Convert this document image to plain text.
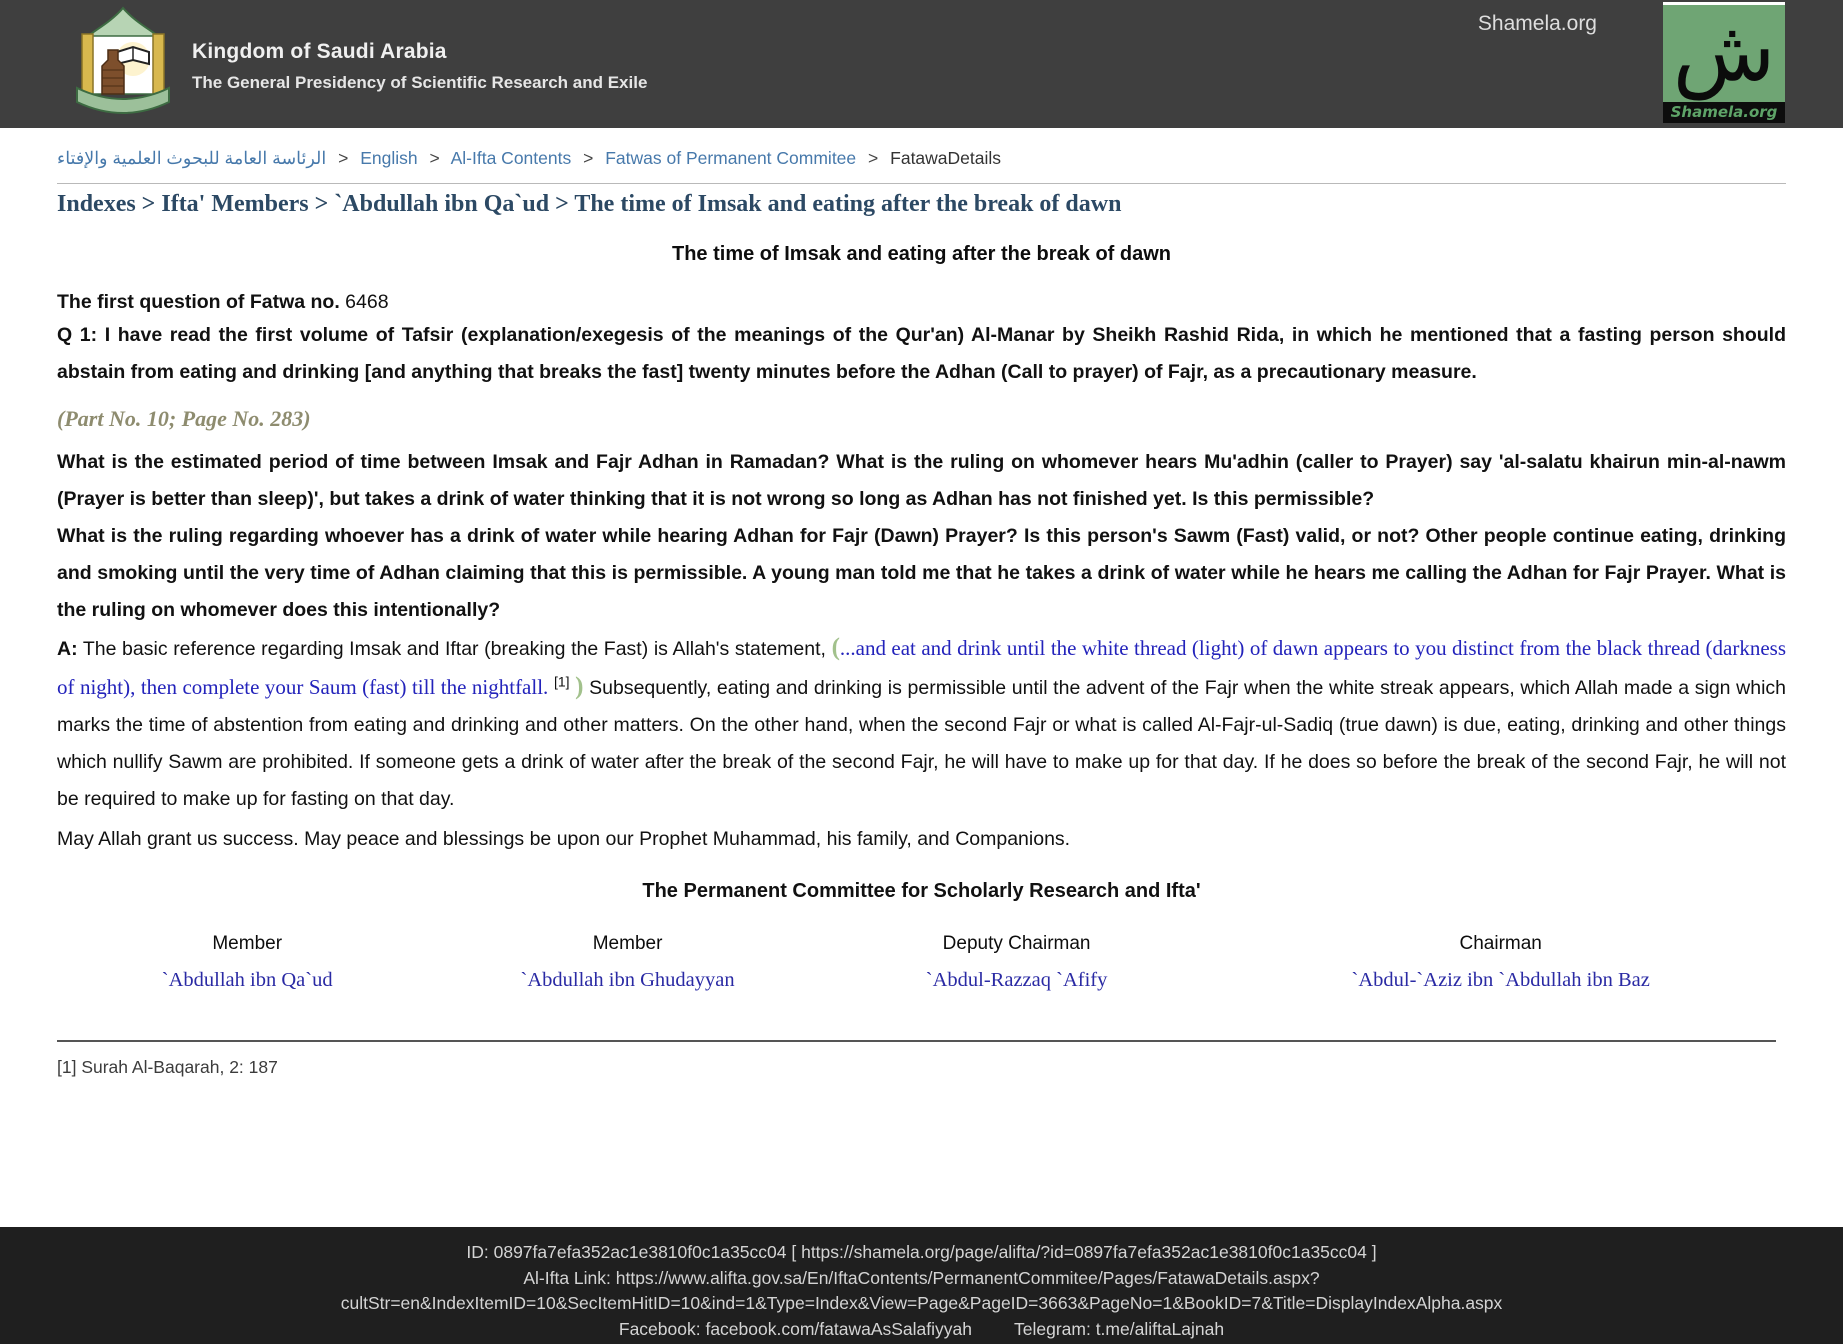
Kingdom of Saudi Arabia
The General Presidency of Scientific Research and Exile
Shamela.org ش
Shamela.org
الرئاسة العامة للبحوث العلمية والإفتاء > English > Al-Ifta Contents > Fatwas of Permanent Commitee > FatawaDetails
Indexes > Ifta' Members > `Abdullah ibn Qa`ud > The time of Imsak and eating after the break of dawn
The time of Imsak and eating after the break of dawn

The first question of Fatwa no. 6468

Q 1: I have read the first volume of Tafsir (explanation/exegesis of the meanings of the Qur'an) Al-Manar by Sheikh Rashid Rida, in which he mentioned that a fasting person should abstain from eating and drinking [and anything that breaks the fast] twenty minutes before the Adhan (Call to prayer) of Fajr, as a precautionary measure.

(Part No. 10; Page No. 283)

What is the estimated period of time between Imsak and Fajr Adhan in Ramadan? What is the ruling on whomever hears Mu'adhin (caller to Prayer) say 'al-salatu khairun min-al-nawm (Prayer is better than sleep)', but takes a drink of water thinking that it is not wrong so long as Adhan has not finished yet. Is this permissible?

What is the ruling regarding whoever has a drink of water while hearing Adhan for Fajr (Dawn) Prayer? Is this person's Sawm (Fast) valid, or not? Other people continue eating, drinking and smoking until the very time of Adhan claiming that this is permissible. A young man told me that he takes a drink of water while he hears me calling the Adhan for Fajr Prayer. What is the ruling on whomever does this intentionally?

A: The basic reference regarding Imsak and Iftar (breaking the Fast) is Allah's statement, (...and eat and drink until the white thread (light) of dawn appears to you distinct from the black thread (darkness of night), then complete your Saum (fast) till the nightfall. [1] ) Subsequently, eating and drinking is permissible until the advent of the Fajr when the white streak appears, which Allah made a sign which marks the time of abstention from eating and drinking and other matters. On the other hand, when the second Fajr or what is called Al-Fajr-ul-Sadiq (true dawn) is due, eating, drinking and other things which nullify Sawm are prohibited. If someone gets a drink of water after the break of the second Fajr, he will have to make up for that day. If he does so before the break of the second Fajr, he will not be required to make up for fasting on that day.

May Allah grant us success. May peace and blessings be upon our Prophet Muhammad, his family, and Companions.

The Permanent Committee for Scholarly Research and Ifta'

Member	Member	Deputy Chairman	Chairman
`Abdullah ibn Qa`ud	`Abdullah ibn Ghudayyan	`Abdul-Razzaq `Afify	`Abdul-`Aziz ibn `Abdullah ibn Baz

[1] Surah Al-Baqarah, 2: 187

ID: 0897fa7efa352ac1e3810f0c1a35cc04 [ https://shamela.org/page/alifta/?id=0897fa7efa352ac1e3810f0c1a35cc04 ]
Al-Ifta Link: https://www.alifta.gov.sa/En/IftaContents/PermanentCommitee/Pages/FatawaDetails.aspx?
cultStr=en&IndexItemID=10&SecItemHitID=10&ind=1&Type=Index&View=Page&PageID=3663&PageNo=1&BookID=7&Title=DisplayIndexAlpha.aspx
Facebook: facebook.com/fatawaAsSalafiyyah Telegram: t.me/aliftaLajnah
